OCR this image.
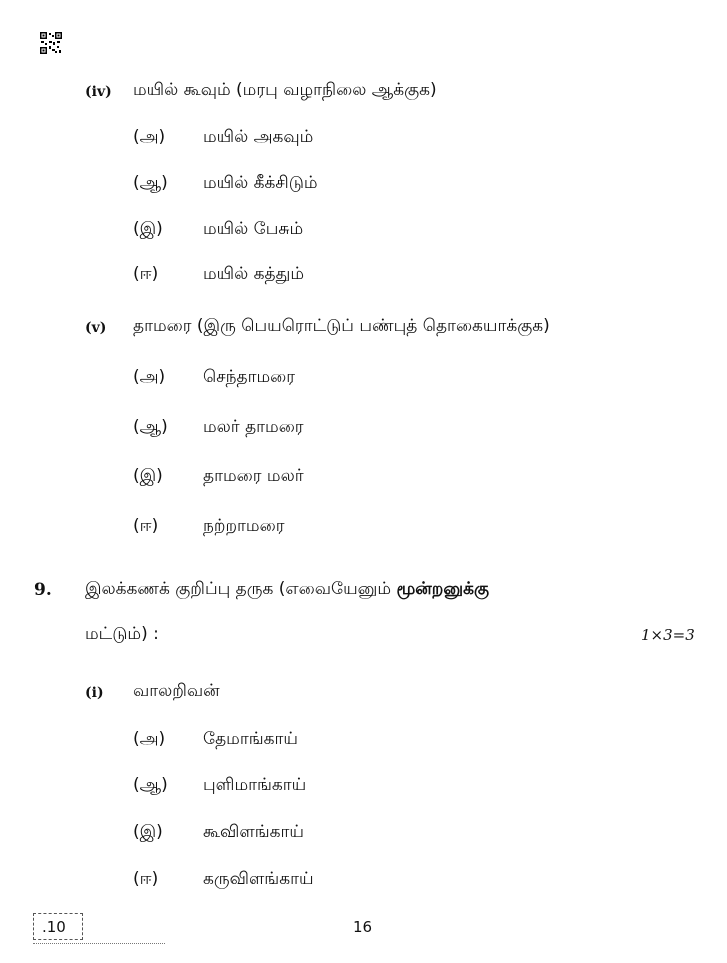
(iv) மயில் கூவும் (மரபு வழாநிலை ஆக்குக)
(அ) மயில் அகவும்
(ஆ) மயில் கீக்சிடும்
(இ) மயில் பேசும்
(ஈ)	மயில் கத்தும்
(v) தாமரை (இரு பெயரொட்டுப் பண்புத் தொகையாக்குக)
(அ) செந்தாமரை
(ஆ) மலர் தாமரை
(இ) தாமரை மலர்
(ஈ)	நற்றாமரை
9. இலக்கணக் குறிப்பு தருக (எவையேனும் மூன்றனுக்கு
மட்டும்) :	1×3=3
(i) வாலறிவன்
(அ) தேமாங்காய்
(ஆ) புளிமாங்காய்
(இ) கூவிளங்காய்
(ஈ)	கருவிளங்காய்
.10	16
